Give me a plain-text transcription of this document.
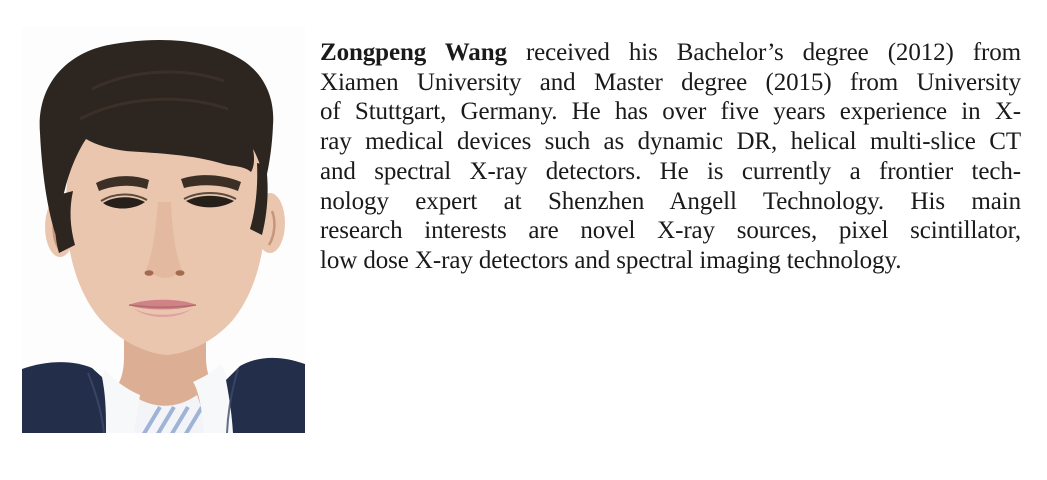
Zongpeng Wang received his Bachelor’s degree (2012) from
Xiamen University and Master degree (2015) from University
of Stuttgart, Germany. He has over five years experience in X-
ray medical devices such as dynamic DR, helical multi-slice CT
and spectral X-ray detectors. He is currently a frontier tech-
nology expert at Shenzhen Angell Technology. His main
research interests are novel X-ray sources, pixel scintillator,
low dose X-ray detectors and spectral imaging technology.
